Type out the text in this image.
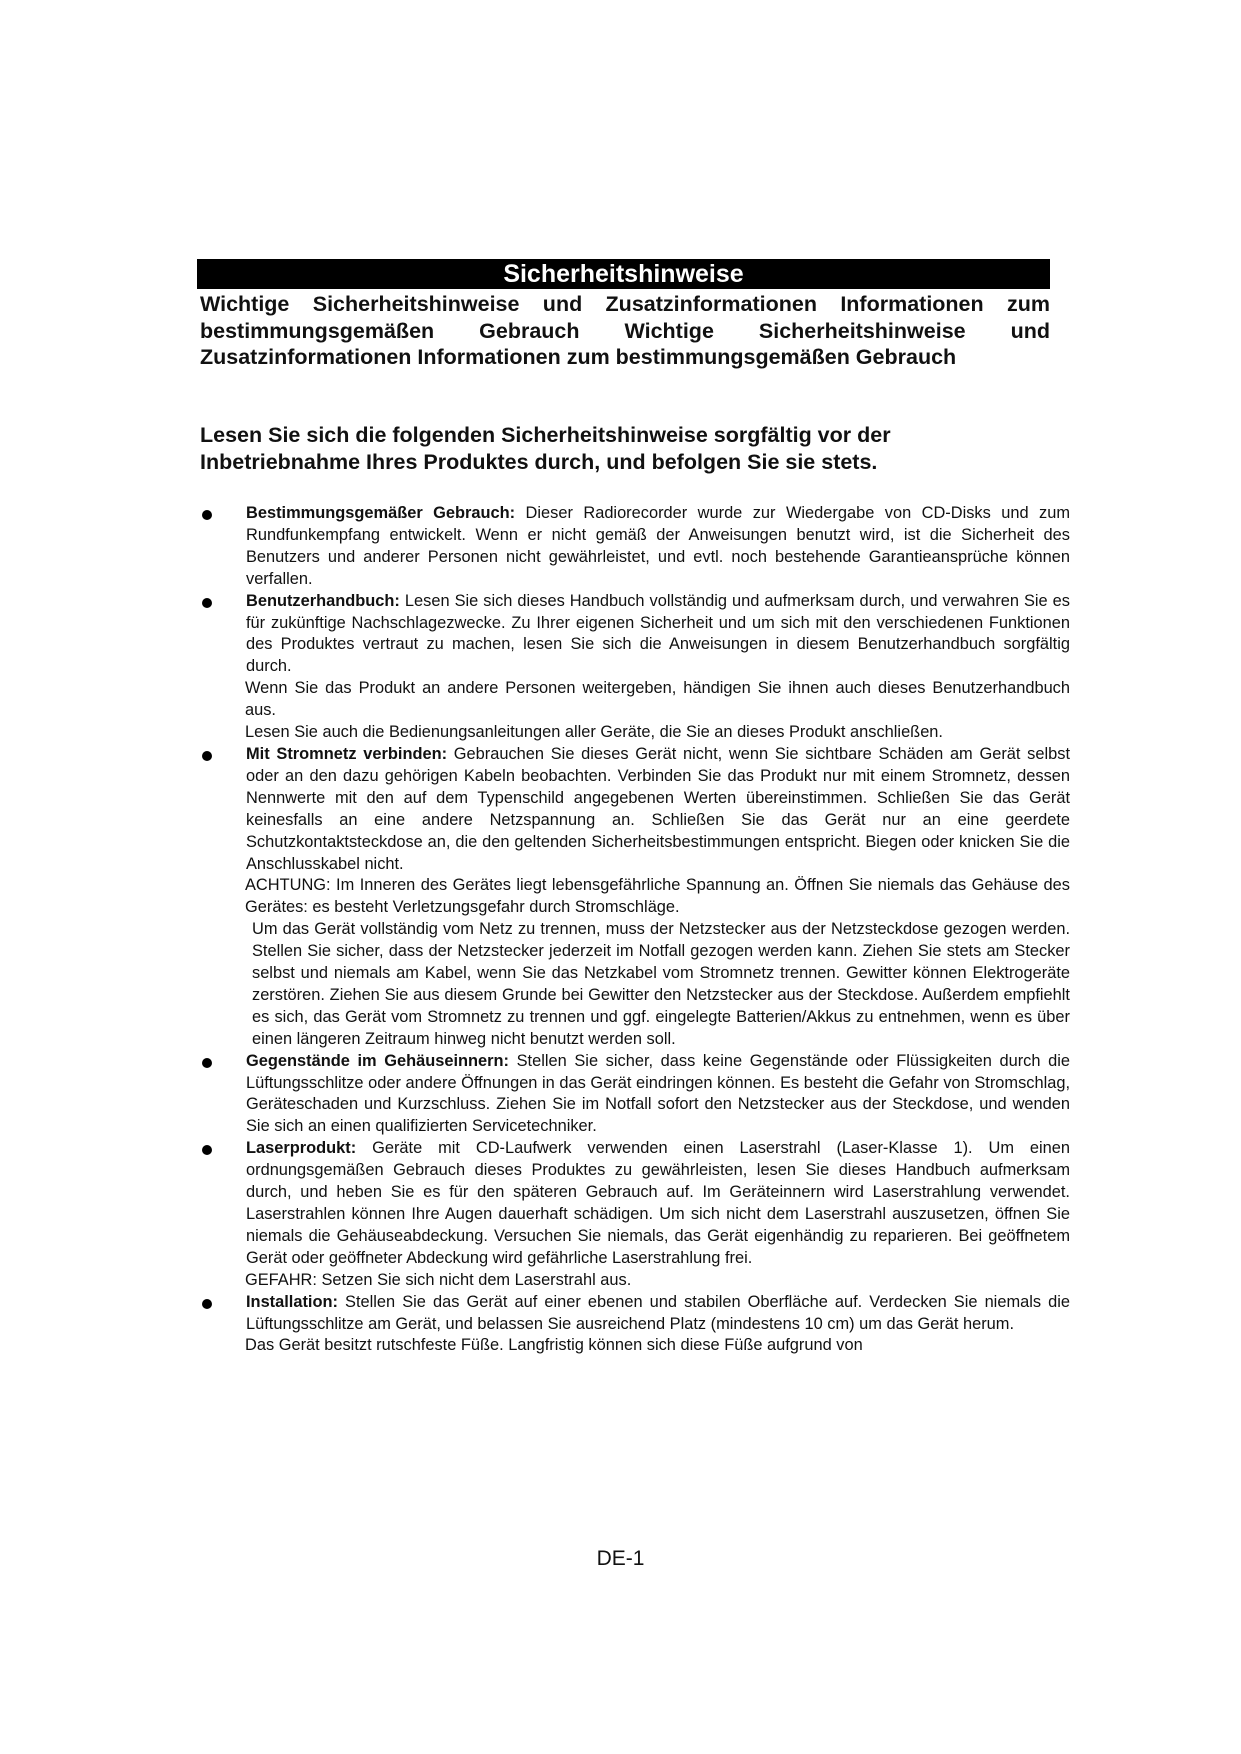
Sicherheitshinweise
Wichtige Sicherheitshinweise und Zusatzinformationen Informationen zum bestimmungsgemäßen Gebrauch Wichtige Sicherheitshinweise und Zusatzinformationen Informationen zum bestimmungsgemäßen Gebrauch
Lesen Sie sich die folgenden Sicherheitshinweise sorgfältig vor der Inbetriebnahme Ihres Produktes durch, und befolgen Sie sie stets.

Bestimmungsgemäßer Gebrauch: Dieser Radiorecorder wurde zur Wiedergabe von CD-Disks und zum Rundfunkempfang entwickelt. Wenn er nicht gemäß der Anweisungen benutzt wird, ist die Sicherheit des Benutzers und anderer Personen nicht gewährleistet, und evtl. noch bestehende Garantieansprüche können verfallen.

Benutzerhandbuch: Lesen Sie sich dieses Handbuch vollständig und aufmerksam durch, und verwahren Sie es für zukünftige Nachschlagezwecke. Zu Ihrer eigenen Sicherheit und um sich mit den verschiedenen Funktionen des Produktes vertraut zu machen, lesen Sie sich die Anweisungen in diesem Benutzerhandbuch sorgfältig durch.

Wenn Sie das Produkt an andere Personen weitergeben, händigen Sie ihnen auch dieses Benutzerhandbuch aus.

Lesen Sie auch die Bedienungsanleitungen aller Geräte, die Sie an dieses Produkt anschließen.

Mit Stromnetz verbinden: Gebrauchen Sie dieses Gerät nicht, wenn Sie sichtbare Schäden am Gerät selbst oder an den dazu gehörigen Kabeln beobachten. Verbinden Sie das Produkt nur mit einem Stromnetz, dessen Nennwerte mit den auf dem Typenschild angegebenen Werten übereinstimmen. Schließen Sie das Gerät keinesfalls an eine andere Netzspannung an. Schließen Sie das Gerät nur an eine geerdete Schutzkontaktsteckdose an, die den geltenden Sicherheitsbestimmungen entspricht. Biegen oder knicken Sie die Anschlusskabel nicht.

ACHTUNG: Im Inneren des Gerätes liegt lebensgefährliche Spannung an. Öffnen Sie niemals das Gehäuse des Gerätes: es besteht Verletzungsgefahr durch Stromschläge.

Um das Gerät vollständig vom Netz zu trennen, muss der Netzstecker aus der Netzsteckdose gezogen werden. Stellen Sie sicher, dass der Netzstecker jederzeit im Notfall gezogen werden kann. Ziehen Sie stets am Stecker selbst und niemals am Kabel, wenn Sie das Netzkabel vom Stromnetz trennen. Gewitter können Elektrogeräte zerstören. Ziehen Sie aus diesem Grunde bei Gewitter den Netzstecker aus der Steckdose. Außerdem empfiehlt es sich, das Gerät vom Stromnetz zu trennen und ggf. eingelegte Batterien/Akkus zu entnehmen, wenn es über einen längeren Zeitraum hinweg nicht benutzt werden soll.

Gegenstände im Gehäuseinnern: Stellen Sie sicher, dass keine Gegenstände oder Flüssigkeiten durch die Lüftungsschlitze oder andere Öffnungen in das Gerät eindringen können. Es besteht die Gefahr von Stromschlag, Geräteschaden und Kurzschluss. Ziehen Sie im Notfall sofort den Netzstecker aus der Steckdose, und wenden Sie sich an einen qualifizierten Servicetechniker.

Laserprodukt: Geräte mit CD-Laufwerk verwenden einen Laserstrahl (Laser-Klasse 1). Um einen ordnungsgemäßen Gebrauch dieses Produktes zu gewährleisten, lesen Sie dieses Handbuch aufmerksam durch, und heben Sie es für den späteren Gebrauch auf. Im Geräteinnern wird Laserstrahlung verwendet. Laserstrahlen können Ihre Augen dauerhaft schädigen. Um sich nicht dem Laserstrahl auszusetzen, öffnen Sie niemals die Gehäuseabdeckung. Versuchen Sie niemals, das Gerät eigenhändig zu reparieren. Bei geöffnetem Gerät oder geöffneter Abdeckung wird gefährliche Laserstrahlung frei.

GEFAHR: Setzen Sie sich nicht dem Laserstrahl aus.

Installation: Stellen Sie das Gerät auf einer ebenen und stabilen Oberfläche auf. Verdecken Sie niemals die Lüftungsschlitze am Gerät, und belassen Sie ausreichend Platz (mindestens 10 cm) um das Gerät herum.

Das Gerät besitzt rutschfeste Füße. Langfristig können sich diese Füße aufgrund von

DE-1
